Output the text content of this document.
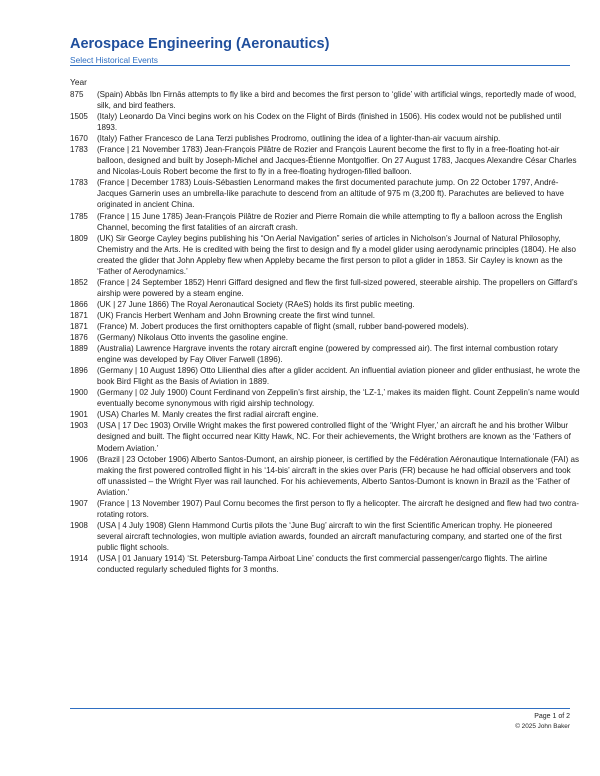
Aerospace Engineering (Aeronautics)
Select Historical Events
Year
875	(Spain) Abbās Ibn Firnās attempts to fly like a bird and becomes the first person to ‘glide’ with artificial wings, reportedly made of wood, silk, and bird feathers.
1505	(Italy) Leonardo Da Vinci begins work on his Codex on the Flight of Birds (finished in 1506). His codex would not be published until 1893.
1670	(Italy) Father Francesco de Lana Terzi publishes Prodromo, outlining the idea of a lighter-than-air vacuum airship.
1783	(France | 21 November 1783) Jean-François Pilâtre de Rozier and François Laurent become the first to fly in a free-floating hot-air balloon, designed and built by Joseph-Michel and Jacques-Étienne Montgolfier. On 27 August 1783, Jacques Alexandre César Charles and Nicolas-Louis Robert become the first to fly in a free-floating hydrogen-filled balloon.
1783	(France | December 1783) Louis-Sébastien Lenormand makes the first documented parachute jump. On 22 October 1797, André-Jacques Garnerin uses an umbrella-like parachute to descend from an altitude of 975 m (3,200 ft). Parachutes are believed to have originated in ancient China.
1785	(France | 15 June 1785) Jean-François Pilâtre de Rozier and Pierre Romain die while attempting to fly a balloon across the English Channel, becoming the first fatalities of an aircraft crash.
1809	(UK) Sir George Cayley begins publishing his “On Aerial Navigation” series of articles in Nicholson’s Journal of Natural Philosophy, Chemistry and the Arts. He is credited with being the first to design and fly a model glider using aerodynamic principles (1804). He also created the glider that John Appleby flew when Appleby became the first person to pilot a glider in 1853. Sir Cayley is known as the ‘Father of Aerodynamics.’
1852	(France | 24 September 1852) Henri Giffard designed and flew the first full-sized powered, steerable airship. The propellers on Giffard’s airship were powered by a steam engine.
1866	(UK | 27 June 1866) The Royal Aeronautical Society (RAeS) holds its first public meeting.
1871	(UK) Francis Herbert Wenham and John Browning create the first wind tunnel.
1871	(France) M. Jobert produces the first ornithopters capable of flight (small, rubber band-powered models).
1876	(Germany) Nikolaus Otto invents the gasoline engine.
1889	(Australia) Lawrence Hargrave invents the rotary aircraft engine (powered by compressed air). The first internal combustion rotary engine was developed by Fay Oliver Farwell (1896).
1896	(Germany | 10 August 1896) Otto Lilienthal dies after a glider accident. An influential aviation pioneer and glider enthusiast, he wrote the book Bird Flight as the Basis of Aviation in 1889.
1900	(Germany | 02 July 1900) Count Ferdinand von Zeppelin’s first airship, the ‘LZ-1,’ makes its maiden flight. Count Zeppelin’s name would eventually become synonymous with rigid airship technology.
1901	(USA) Charles M. Manly creates the first radial aircraft engine.
1903	(USA | 17 Dec 1903) Orville Wright makes the first powered controlled flight of the ‘Wright Flyer,’ an aircraft he and his brother Wilbur designed and built. The flight occurred near Kitty Hawk, NC. For their achievements, the Wright brothers are known as the ‘Fathers of Modern Aviation.’
1906	(Brazil | 23 October 1906) Alberto Santos-Dumont, an airship pioneer, is certified by the Fédération Aéronautique Internationale (FAI) as making the first powered controlled flight in his ‘14-bis’ aircraft in the skies over Paris (FR) because he had official observers and took off unassisted – the Wright Flyer was rail launched. For his achievements, Alberto Santos-Dumont is known in Brazil as the ‘Father of Aviation.’
1907	(France | 13 November 1907) Paul Cornu becomes the first person to fly a helicopter. The aircraft he designed and flew had two contra-rotating rotors.
1908	(USA | 4 July 1908) Glenn Hammond Curtis pilots the ‘June Bug’ aircraft to win the first Scientific American trophy. He pioneered several aircraft technologies, won multiple aviation awards, founded an aircraft manufacturing company, and started one of the first public flight schools.
1914	(USA | 01 January 1914) ‘St. Petersburg-Tampa Airboat Line’ conducts the first commercial passenger/cargo flights. The airline conducted regularly scheduled flights for 3 months.
Page 1 of 2
© 2025 John Baker
